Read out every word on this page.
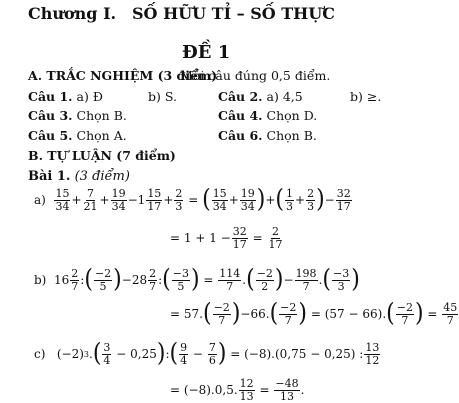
Chương I. SỐ HỮU TỈ – SỐ THỰC
ĐỀ 1
A. TRẮC NGHIỆM (3 điểm)
Mỗi câu đúng 0,5 điểm.
Câu 1. a) Đ	b) S.	Câu 2. a) 4,5	b) ≥.
Câu 3. Chọn B.	Câu 4. Chọn D.
Câu 5. Chọn A.	Câu 6. Chọn B.
B. TỰ LUẬN (7 điểm)
Bài 1. (3 điểm)
a)
$\frac{15}{34} + \frac{7}{21} + \frac{19}{34} - 1 \frac{15}{17} + \frac{2}{3}$
=
( $\frac{15}{34} + \frac{19}{34}$ ) + ( $\frac{1}{3} + \frac{2}{3}$ ) − $\frac{32}{17}$
=
1
+
1
− $\frac{32}{17}$
=
$\frac{2}{17}$
b)
$16 \frac{2}{7}$ : ( $\frac{-2}{5}$ ) − $28 \frac{2}{7}$ : ( $\frac{-3}{5}$ )
=
$\frac{114}{7}$ . ( $\frac{-2}{2}$ ) − $\frac{198}{7}$ . ( $\frac{-3}{3}$ )
=
57 . ( $\frac{-2}{7}$ ) − 66 . ( $\frac{-2}{7}$ )
= ( 57
−
66 ). ( $\frac{-2}{7}$ )
=
$\frac{45}{7}$
c) (−2) 3 . ( $\frac{3}{4}$
− 0,25 ) : ( $\frac{9}{4}$
−
$\frac{7}{6}$ )
= (−8).(0,75 − 0,25) : $\frac{13}{12}$
= (−8).0,5. $\frac{12}{13}$
=
$\frac{-48}{13}$ .
